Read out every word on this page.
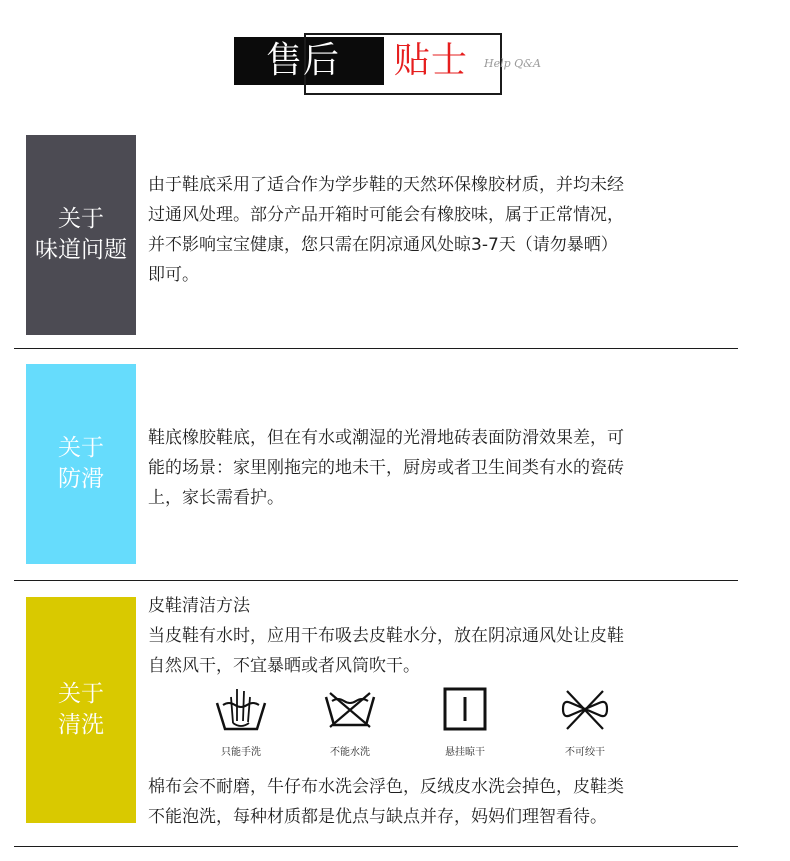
售后 贴士 Help Q&A
关于
味道问题
由于鞋底采用了适合作为学步鞋的天然环保橡胶材质，并均未经
过通风处理。部分产品开箱时可能会有橡胶味，属于正常情况，
并不影响宝宝健康，您只需在阴凉通风处晾3-7天（请勿暴晒）
即可。
关于
防滑
鞋底橡胶鞋底，但在有水或潮湿的光滑地砖表面防滑效果差，可
能的场景：家里刚拖完的地未干，厨房或者卫生间类有水的瓷砖
上，家长需看护。
关于
清洗
皮鞋清洁方法
当皮鞋有水时，应用干布吸去皮鞋水分，放在阴凉通风处让皮鞋
自然风干，不宜暴晒或者风筒吹干。
只能手洗	不能水洗	悬挂晾干	不可绞干
棉布会不耐磨，牛仔布水洗会浮色，反绒皮水洗会掉色，皮鞋类
不能泡洗，每种材质都是优点与缺点并存，妈妈们理智看待。
